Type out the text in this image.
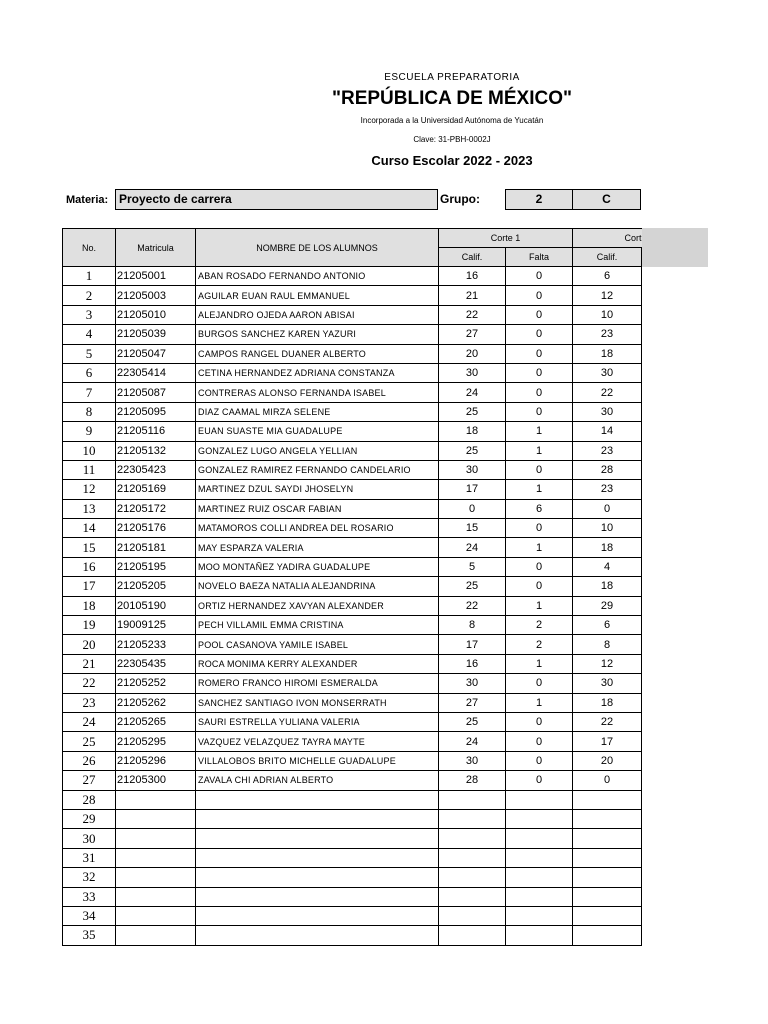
ESCUELA PREPARATORIA
"REPÚBLICA DE MÉXICO"
Incorporada a la Universidad Autónoma de Yucatán
Clave: 31-PBH-0002J
Curso Escolar 2022 - 2023
Materia: Proyecto de carrera	Grupo:	2	C
No.	Matricula	NOMBRE DE LOS ALUMNOS	Corte 1		Cort
			Calif.	Falta	Calif.
1	21205001	ABAN ROSADO FERNANDO ANTONIO	16	0	6
2	21205003	AGUILAR EUAN RAUL EMMANUEL	21	0	12
3	21205010	ALEJANDRO OJEDA AARON ABISAI	22	0	10
4	21205039	BURGOS SANCHEZ KAREN YAZURI	27	0	23
5	21205047	CAMPOS RANGEL DUANER ALBERTO	20	0	18
6	22305414	CETINA HERNANDEZ ADRIANA CONSTANZA	30	0	30
7	21205087	CONTRERAS ALONSO FERNANDA ISABEL	24	0	22
8	21205095	DIAZ CAAMAL MIRZA SELENE	25	0	30
9	21205116	EUAN SUASTE MIA GUADALUPE	18	1	14
10	21205132	GONZALEZ LUGO ANGELA YELLIAN	25	1	23
11	22305423	GONZALEZ RAMIREZ FERNANDO CANDELARIO	30	0	28
12	21205169	MARTINEZ DZUL SAYDI JHOSELYN	17	1	23
13	21205172	MARTINEZ RUIZ OSCAR FABIAN	0	6	0
14	21205176	MATAMOROS COLLI ANDREA DEL ROSARIO	15	0	10
15	21205181	MAY ESPARZA VALERIA	24	1	18
16	21205195	MOO MONTAÑEZ YADIRA GUADALUPE	5	0	4
17	21205205	NOVELO BAEZA NATALIA ALEJANDRINA	25	0	18
18	20105190	ORTIZ HERNANDEZ XAVYAN ALEXANDER	22	1	29
19	19009125	PECH VILLAMIL EMMA CRISTINA	8	2	6
20	21205233	POOL CASANOVA YAMILE ISABEL	17	2	8
21	22305435	ROCA MONIMA KERRY ALEXANDER	16	1	12
22	21205252	ROMERO FRANCO HIROMI ESMERALDA	30	0	30
23	21205262	SANCHEZ SANTIAGO IVON MONSERRATH	27	1	18
24	21205265	SAURI ESTRELLA YULIANA VALERIA	25	0	22
25	21205295	VAZQUEZ VELAZQUEZ TAYRA MAYTE	24	0	17
26	21205296	VILLALOBOS BRITO MICHELLE GUADALUPE	30	0	20
27	21205300	ZAVALA CHI ADRIAN ALBERTO	28	0	0
28					
29					
30					
31					
32					
33					
34					
35					
